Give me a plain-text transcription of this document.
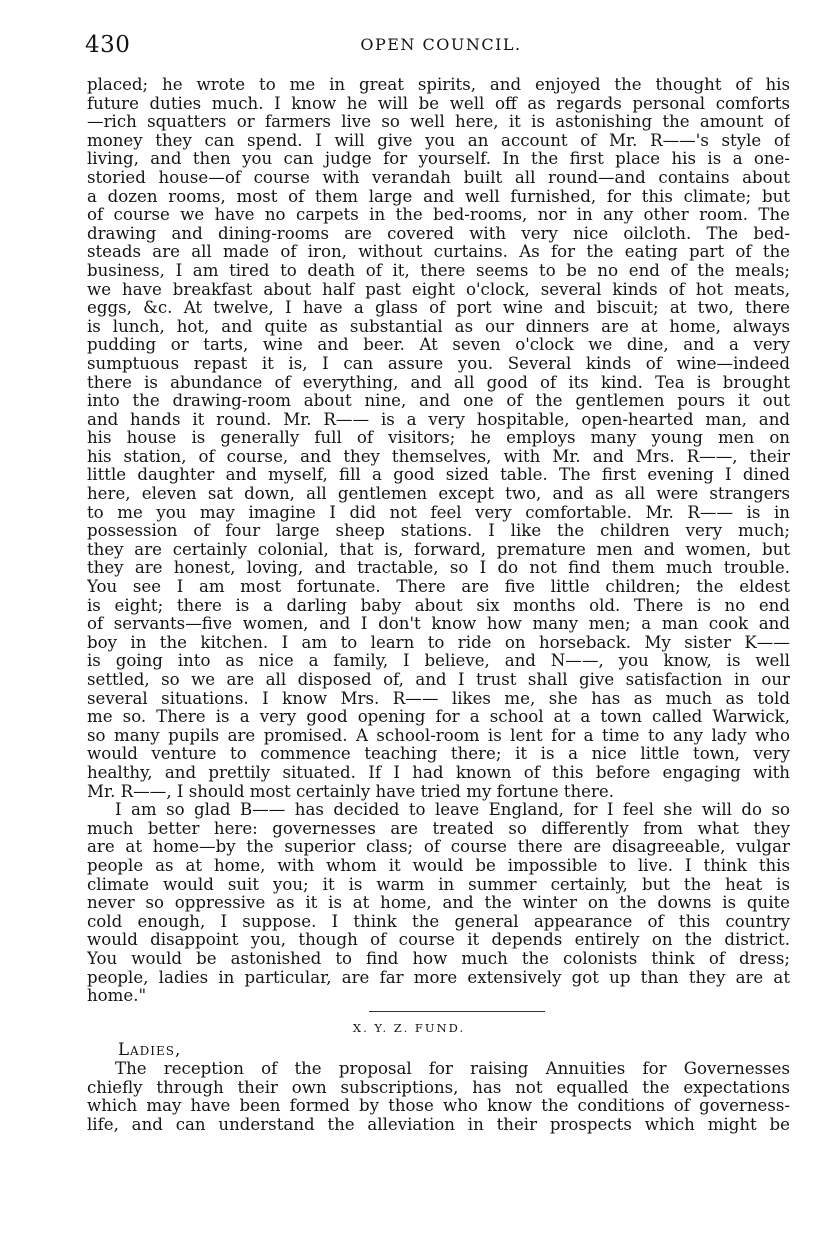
430	OPEN COUNCIL.
placed; he wrote to me in great spirits, and enjoyed the thought of his
future duties much. I know he will be well off as regards personal comforts
—rich squatters or farmers live so well here, it is astonishing the amount of
money they can spend. I will give you an account of Mr. R——'s style of
living, and then you can judge for yourself. In the first place his is a one-
storied house—of course with verandah built all round—and contains about
a dozen rooms, most of them large and well furnished, for this climate; but
of course we have no carpets in the bed-rooms, nor in any other room. The
drawing and dining-rooms are covered with very nice oilcloth. The bed-
steads are all made of iron, without curtains. As for the eating part of the
business, I am tired to death of it, there seems to be no end of the meals;
we have breakfast about half past eight o'clock, several kinds of hot meats,
eggs, &c. At twelve, I have a glass of port wine and biscuit; at two, there
is lunch, hot, and quite as substantial as our dinners are at home, always
pudding or tarts, wine and beer. At seven o'clock we dine, and a very
sumptuous repast it is, I can assure you. Several kinds of wine—indeed
there is abundance of everything, and all good of its kind. Tea is brought
into the drawing-room about nine, and one of the gentlemen pours it out
and hands it round. Mr. R—— is a very hospitable, open-hearted man, and
his house is generally full of visitors; he employs many young men on
his station, of course, and they themselves, with Mr. and Mrs. R——, their
little daughter and myself, fill a good sized table. The first evening I dined
here, eleven sat down, all gentlemen except two, and as all were strangers
to me you may imagine I did not feel very comfortable. Mr. R—— is in
possession of four large sheep stations. I like the children very much;
they are certainly colonial, that is, forward, premature men and women, but
they are honest, loving, and tractable, so I do not find them much trouble.
You see I am most fortunate. There are five little children; the eldest
is eight; there is a darling baby about six months old. There is no end
of servants—five women, and I don't know how many men; a man cook and
boy in the kitchen. I am to learn to ride on horseback. My sister K——
is going into as nice a family, I believe, and N——, you know, is well
settled, so we are all disposed of, and I trust shall give satisfaction in our
several situations. I know Mrs. R—— likes me, she has as much as told
me so. There is a very good opening for a school at a town called Warwick,
so many pupils are promised. A school-room is lent for a time to any lady who
would venture to commence teaching there; it is a nice little town, very
healthy, and prettily situated. If I had known of this before engaging with
Mr. R——, I should most certainly have tried my fortune there.
I am so glad B—— has decided to leave England, for I feel she will do so
much better here: governesses are treated so differently from what they
are at home—by the superior class; of course there are disagreeable, vulgar
people as at home, with whom it would be impossible to live. I think this
climate would suit you; it is warm in summer certainly, but the heat is
never so oppressive as it is at home, and the winter on the downs is quite
cold enough, I suppose. I think the general appearance of this country
would disappoint you, though of course it depends entirely on the district.
You would be astonished to find how much the colonists think of dress;
people, ladies in particular, are far more extensively got up than they are at
home."
X. Y. Z. FUND.
Ladies,
The reception of the proposal for raising Annuities for Governesses
chiefly through their own subscriptions, has not equalled the expectations
which may have been formed by those who know the conditions of governess-
life, and can understand the alleviation in their prospects which might be
